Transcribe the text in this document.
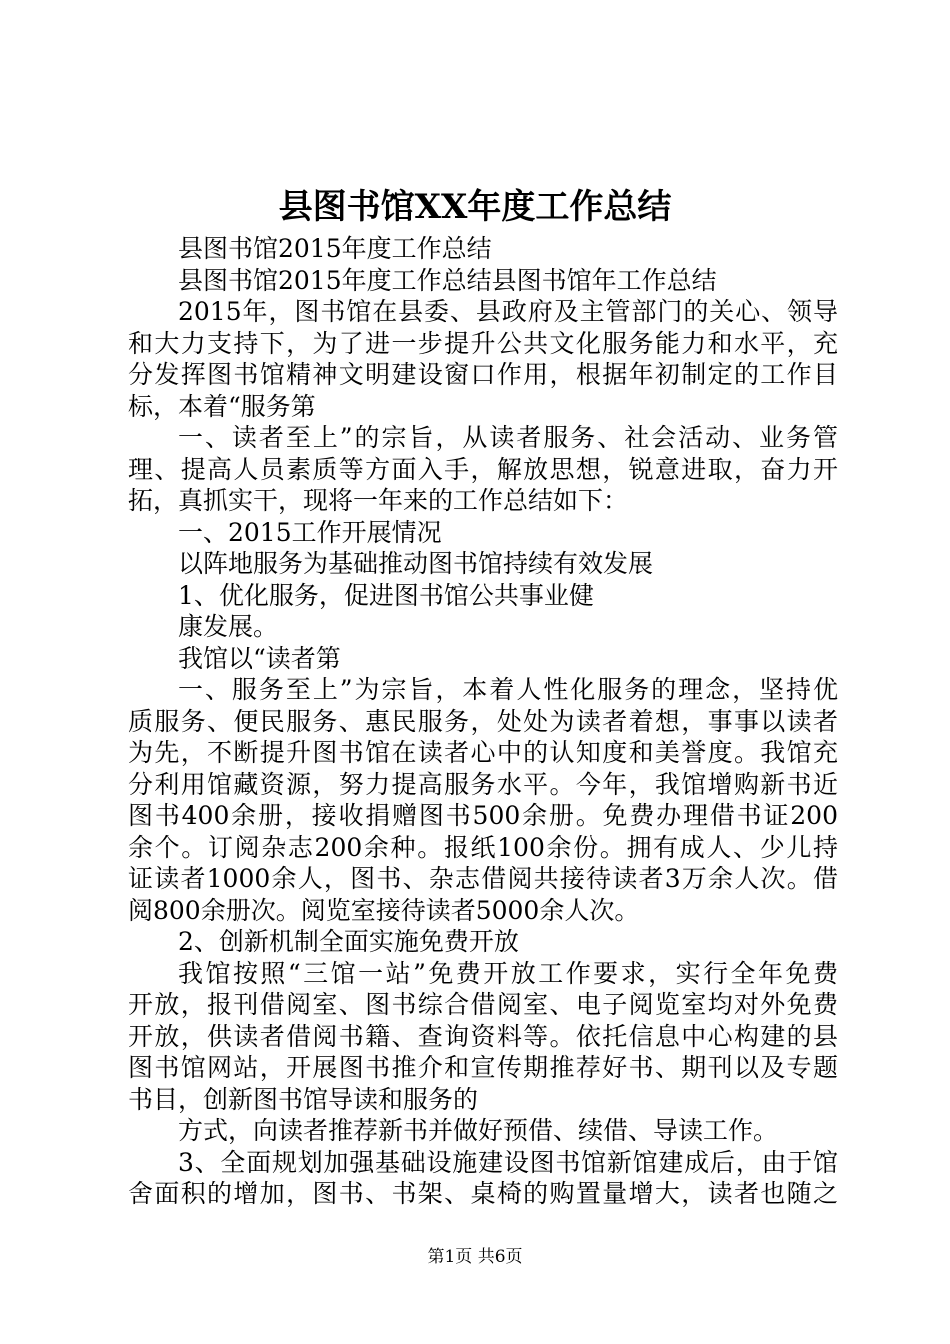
县图书馆XX年度工作总结
县图书馆2015年度工作总结
县图书馆2015年度工作总结县图书馆年工作总结
2015年，图书馆在县委、县政府及主管部门的关心、领导
和大力支持下，为了进一步提升公共文化服务能力和水平，充
分发挥图书馆精神文明建设窗口作用，根据年初制定的工作目
标，本着“服务第
一、读者至上”的宗旨，从读者服务、社会活动、业务管
理、提高人员素质等方面入手，解放思想，锐意进取，奋力开
拓，真抓实干，现将一年来的工作总结如下：
一、2015工作开展情况
以阵地服务为基础推动图书馆持续有效发展
1、优化服务，促进图书馆公共事业健
康发展。
我馆以“读者第
一、服务至上”为宗旨，本着人性化服务的理念，坚持优
质服务、便民服务、惠民服务，处处为读者着想，事事以读者
为先，不断提升图书馆在读者心中的认知度和美誉度。我馆充
分利用馆藏资源，努力提高服务水平。今年，我馆增购新书近
图书400余册，接收捐赠图书500余册。免费办理借书证200
余个。订阅杂志200余种。报纸100余份。拥有成人、少儿持
证读者1000余人，图书、杂志借阅共接待读者3万余人次。借
阅800余册次。阅览室接待读者5000余人次。
2、创新机制全面实施免费开放
我馆按照“三馆一站”免费开放工作要求，实行全年免费
开放，报刊借阅室、图书综合借阅室、电子阅览室均对外免费
开放，供读者借阅书籍、查询资料等。依托信息中心构建的县
图书馆网站，开展图书推介和宣传期推荐好书、期刊以及专题
书目，创新图书馆导读和服务的
方式，向读者推荐新书并做好预借、续借、导读工作。
3、全面规划加强基础设施建设图书馆新馆建成后，由于馆
舍面积的增加，图书、书架、桌椅的购置量增大，读者也随之
第1页 共6页
